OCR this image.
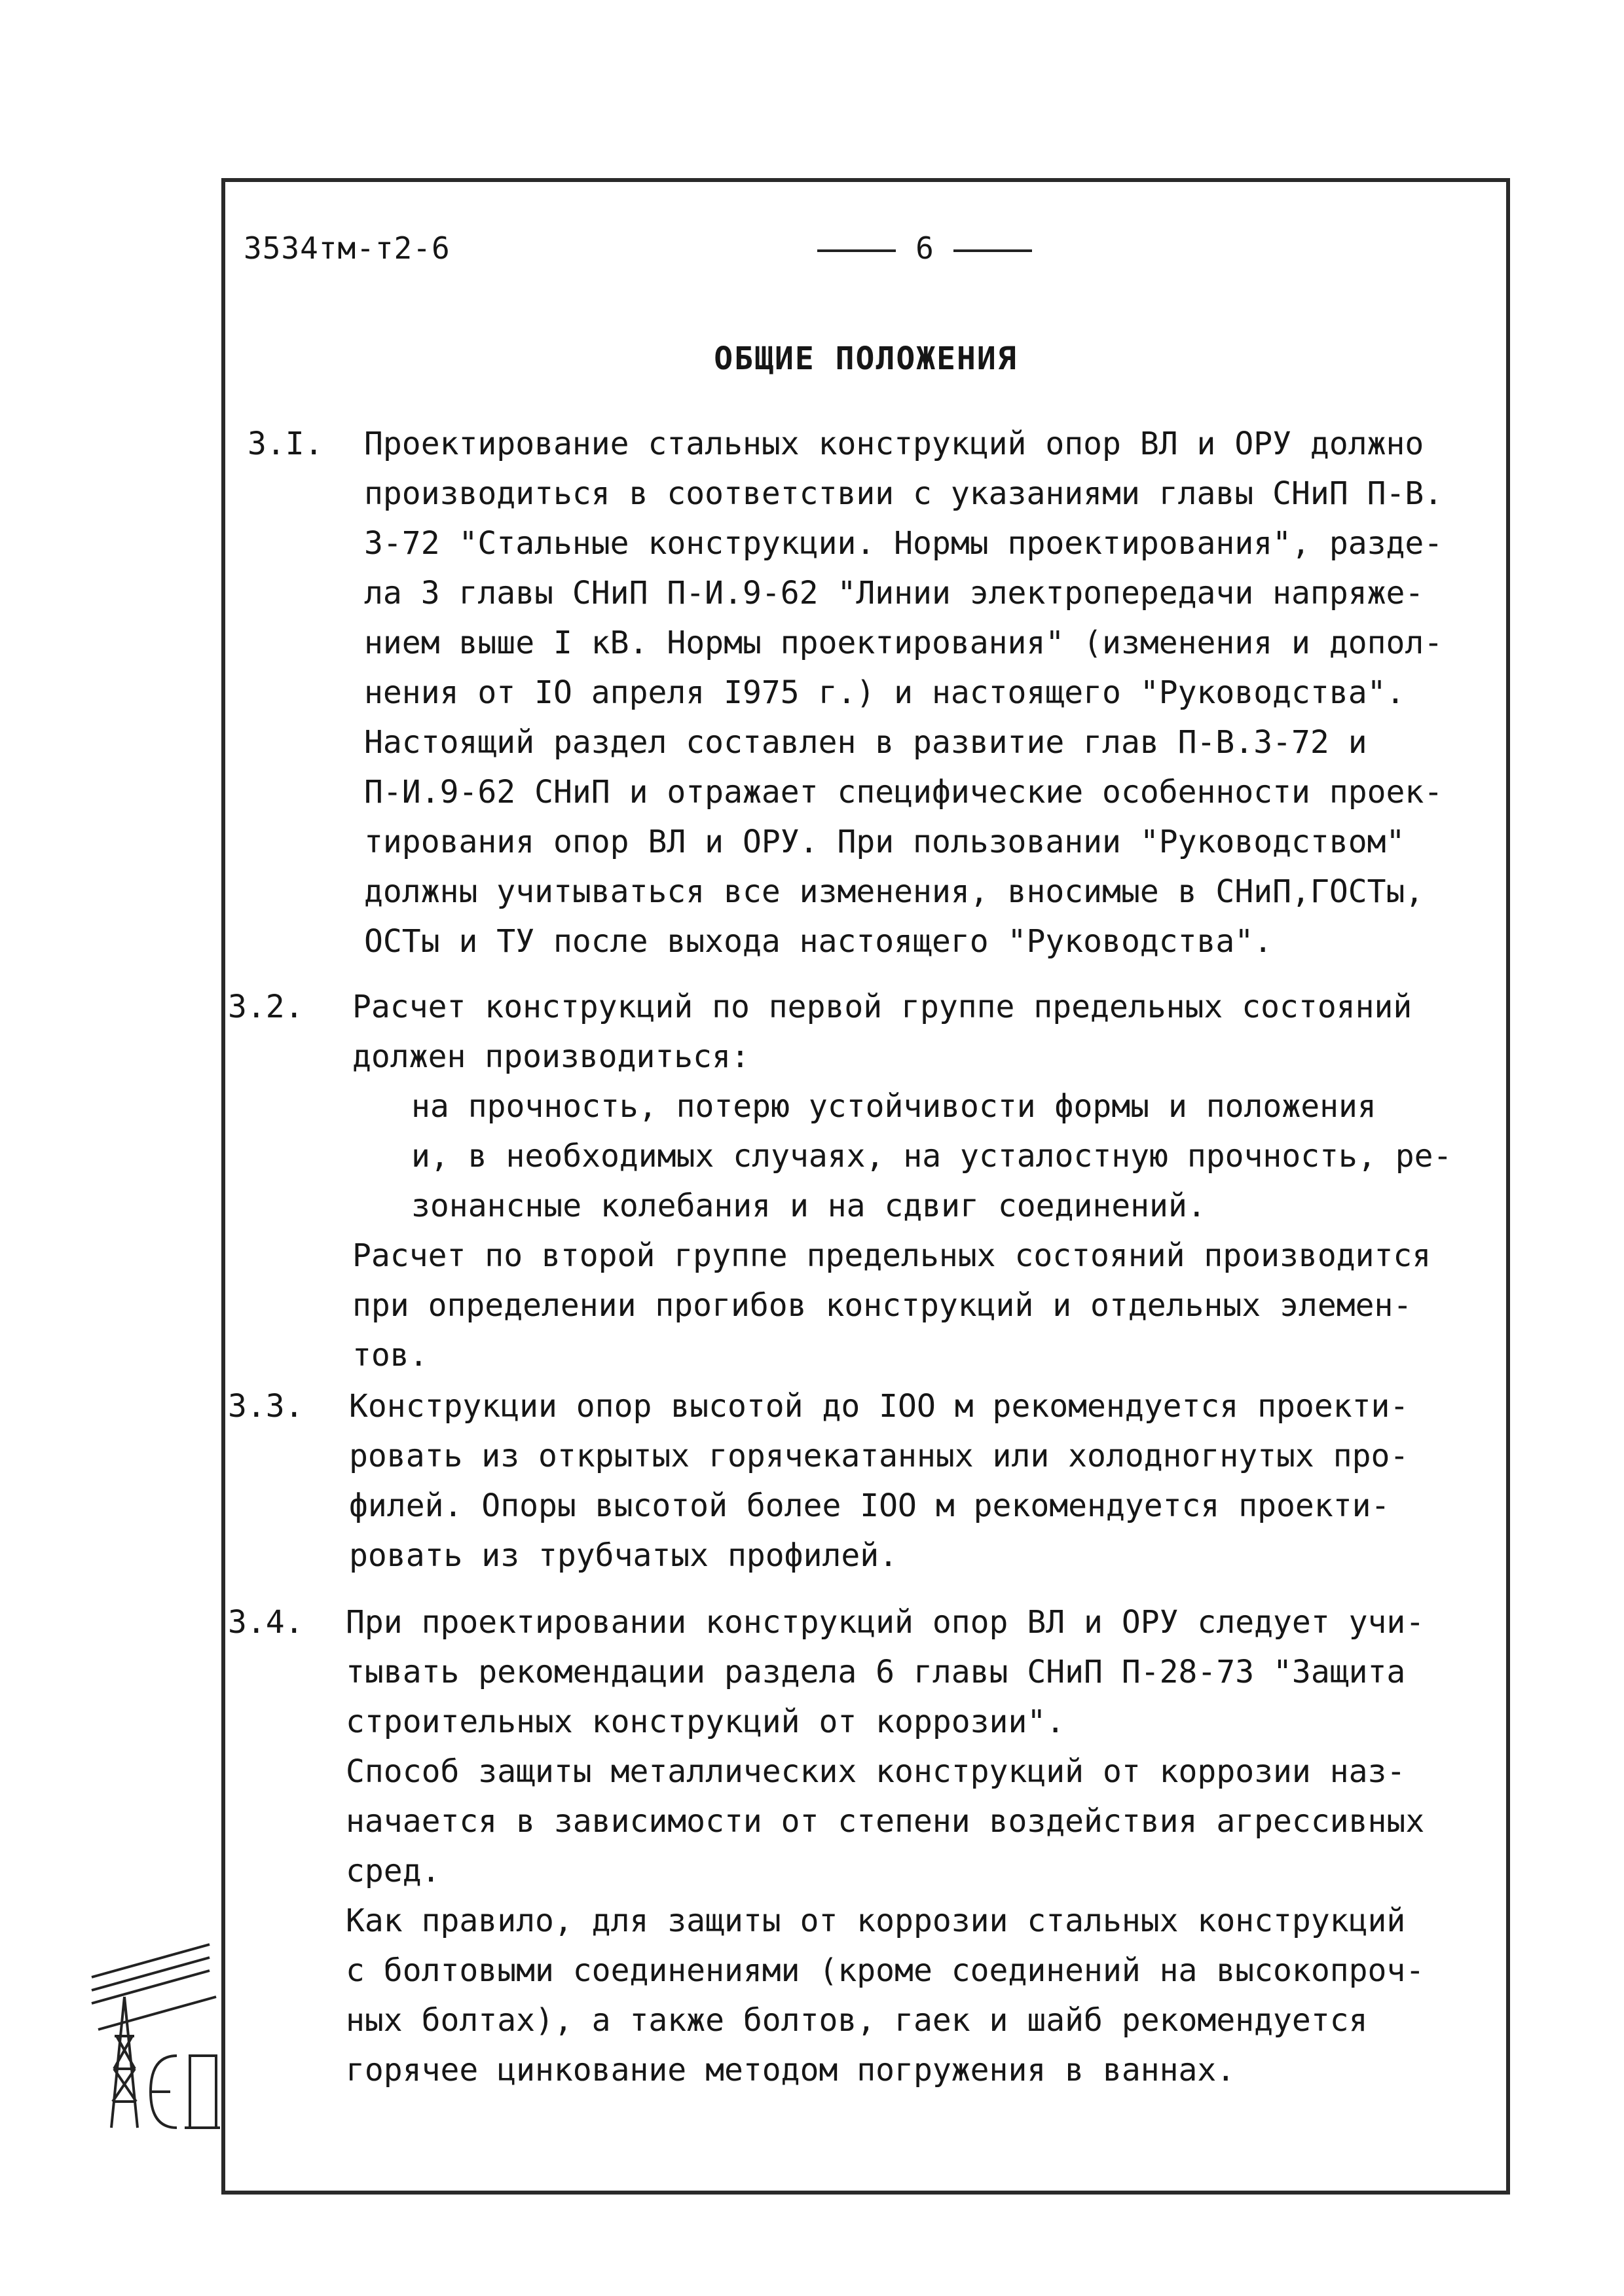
3534тм-т2-6	6
ОБЩИЕ ПОЛОЖЕНИЯ
3.I. Проектирование стальных конструкций опор ВЛ и ОРУ должно

производиться в соответствии с указаниями главы СНиП П-В.

3-72 "Стальные конструкции. Нормы проектирования", разде-

ла 3 главы СНиП П-И.9-62 "Линии электропередачи напряже-

нием выше I кВ. Нормы проектирования" (изменения и допол-

нения от IO апреля I975 г.) и настоящего "Руководства".

Настоящий раздел составлен в развитие глав П-В.3-72 и

П-И.9-62 СНиП и отражает специфические особенности проек-

тирования опор ВЛ и ОРУ. При пользовании "Руководством"

должны учитываться все изменения, вносимые в СНиП,ГОСТы,

ОСТы и ТУ после выхода настоящего "Руководства".

3.2. Расчет конструкций по первой группе предельных состояний

должен производиться:

на прочность, потерю устойчивости формы и положения

и, в необходимых случаях, на усталостную прочность, ре-

зонансные колебания и на сдвиг соединений.

Расчет по второй группе предельных состояний производится

при определении прогибов конструкций и отдельных элемен-

тов.

3.3. Конструкции опор высотой до IOO м рекомендуется проекти-

ровать из открытых горячекатанных или холодногнутых про-

филей. Опоры высотой более IOO м рекомендуется проекти-

ровать из трубчатых профилей.

3.4. При проектировании конструкций опор ВЛ и ОРУ следует учи-

тывать рекомендации раздела 6 главы СНиП П-28-73 "Защита

строительных конструкций от коррозии".

Способ защиты металлических конструкций от коррозии наз-

начается в зависимости от степени воздействия агрессивных

сред.

Как правило, для защиты от коррозии стальных конструкций

с болтовыми соединениями (кроме соединений на высокопроч-

ных болтах), а также болтов, гаек и шайб рекомендуется

горячее цинкование методом погружения в ваннах.
